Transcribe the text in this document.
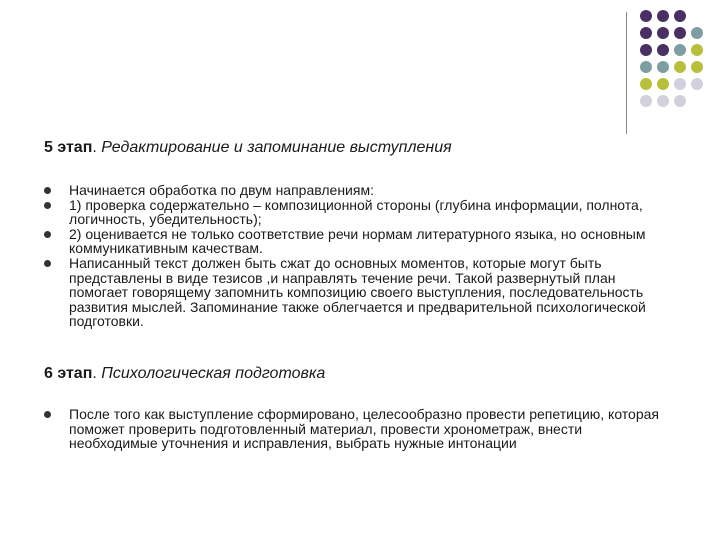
5 этап. Редактирование и запоминание выступления
Начинается обработка по двум направлениям:
1) проверка содержательно – композиционной стороны (глубина информации, полнота, логичность, убедительность);
2) оценивается не только соответствие речи нормам литературного языка, но основным коммуникативным качествам.
Написанный текст должен быть сжат до основных моментов, которые могут быть представлены в виде тезисов ,и направлять течение речи. Такой развернутый план помогает говорящему запомнить композицию своего выступления, последовательность развития мыслей. Запоминание также облегчается и предварительной психологической подготовки.
6 этап. Психологическая подготовка
После того как выступление сформировано, целесообразно провести репетицию, которая поможет проверить подготовленный материал, провести хронометраж, внести необходимые уточнения и исправления, выбрать нужные интонации
